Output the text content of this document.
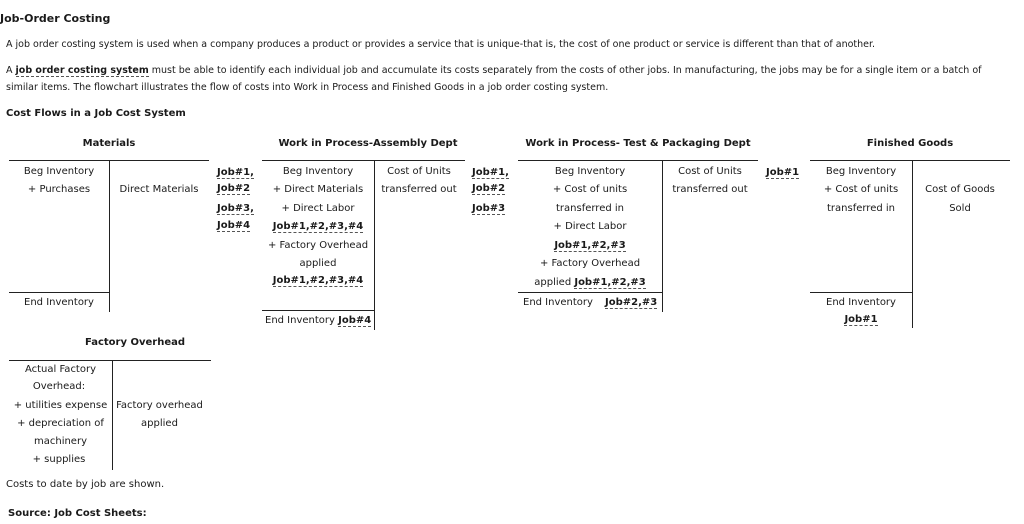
Job-Order Costing
A job order costing system is used when a company produces a product or provides a service that is unique-that is, the cost of one product or service is different than that of another.
A job order costing system must be able to identify each individual job and accumulate its costs separately from the costs of other jobs. In manufacturing, the jobs may be for a single item or a batch of
similar items. The flowchart illustrates the flow of costs into Work in Process and Finished Goods in a job order costing system.
Cost Flows in a Job Cost System
Materials
Beg Inventory
+ Purchases	Direct Materials
End Inventory
Job#1,
Job#2
Job#3,
Job#4
Work in Process-Assembly Dept
Beg Inventory
+ Direct Materials
+ Direct Labor
Job#1,#2,#3,#4
+ Factory Overhead
applied
Job#1,#2,#3,#4
Cost of Units
transferred out
End Inventory Job#4
Job#1,
Job#2
Job#3
Work in Process- Test & Packaging Dept
Beg Inventory
+ Cost of units
transferred in
+ Direct Labor
Job#1,#2,#3
+ Factory Overhead
applied Job#1,#2,#3
Cost of Units
transferred out
End Inventory Job#2,#3
Job#1
Finished Goods
Beg Inventory
+ Cost of units
transferred in
Cost of Goods
Sold
End Inventory
Job#1
Factory Overhead
Actual Factory
Overhead:
+ utilities expense
+ depreciation of
machinery
+ supplies
Factory overhead
applied
Costs to date by job are shown.
Source: Job Cost Sheets:
